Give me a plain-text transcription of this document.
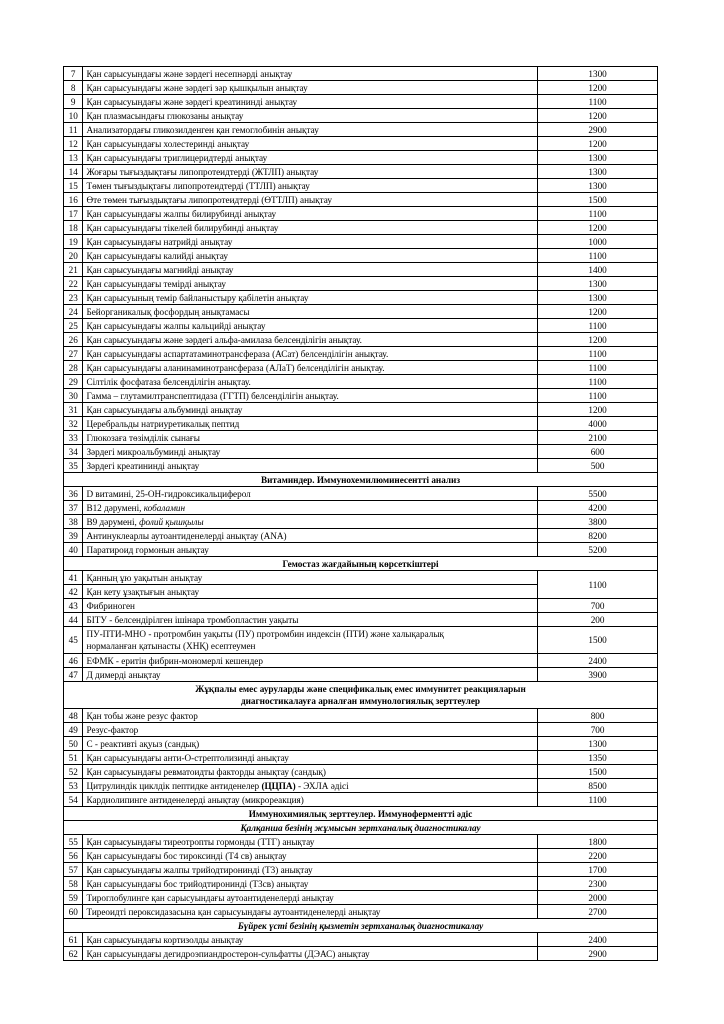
7	Қан сарысуындағы және зәрдегі несепнәрді анықтау	1300
8	Қан сарысуындағы және зәрдегі зәр қышқылын анықтау	1200
9	Қан сарысуындағы және зәрдегі креатининді анықтау	1100
10	Қан плазмасындағы глюкозаны анықтау	1200
11	Анализатордағы гликозилденген қан гемоглобинін анықтау	2900
12	Қан сарысуындағы холестеринді анықтау	1200
13	Қан сарысуындағы триглицеридтерді анықтау	1300
14	Жоғары тығыздықтағы липопротеидтерді (ЖТЛП) анықтау	1300
15	Төмен тығыздықтағы липопротеидтерді (ТТЛП) анықтау	1300
16	Өте төмен тығыздықтағы липопротеидтерді (ӨТТЛП) анықтау	1500
17	Қан сарысуындағы жалпы билирубинді анықтау	1100
18	Қан сарысуындағы тікелей билирубинді анықтау	1200
19	Қан сарысуындағы натрийді анықтау	1000
20	Қан сарысуындағы калийді анықтау	1100
21	Қан сарысуындағы магнийді анықтау	1400
22	Қан сарысуындағы темірді анықтау	1300
23	Қан сарысуының темір байланыстыру қабілетін анықтау	1300
24	Бейорганикалық фосфордың анықтамасы	1200
25	Қан сарысуындағы жалпы кальцийді анықтау	1100
26	Қан сарысуындағы және зәрдегі альфа-амилаза белсенділігін анықтау.	1200
27	Қан сарысуындағы аспартатаминотрансфераза (АСат) белсенділігін анықтау.	1100
28	Қан сарысуындағы аланинаминотрансфераза (АЛаТ) белсенділігін анықтау.	1100
29	Сілтілік фосфатаза белсенділігін анықтау.	1100
30	Гамма – глутамилтранспептидаза (ГГТП) белсенділігін анықтау.	1100
31	Қан сарысуындағы альбуминді анықтау	1200
32	Церебральды натриуретикалық пептид	4000
33	Глюкозаға төзімділік сынағы	2100
34	Зәрдегі микроальбуминді анықтау	600
35	Зәрдегі креатининді анықтау	500
Витаминдер. Иммунохемилюминесентті анализ		
36	D витамині, 25-ОН-гидроксикальциферол	5500
37	B12 дәрумені, кобаламин	4200
38	B9 дәрумені, фолий қышқылы	3800
39	Антинуклеарлы аутоантиденелерді анықтау (ANA)	8200
40	Паратироид гормонын анықтау	5200
Гемостаз жағдайының көрсеткіштері		
41	Қанның ұю уақытын анықтау	1100
42	Қан кету ұзақтығын анықтау	
43	Фибриноген	700
44	БІТУ - белсендірілген ішінара тромбопластин уақыты	200
45	ПУ-ПТИ-МНО - протромбин уақыты (ПУ) протромбин индексін (ПТИ) және халықаралық
нормаланған қатынасты (ХНҚ) есептеумен	1500
46	ЕФМК - еритін фибрин-мономерлі кешендер	2400
47	Д димерді анықтау	3900

Жұқпалы емес ауруларды және спецификалық емес иммунитет реакцияларын
диагностикалауға арналған иммунологиялық зерттеулер		

48	Қан тобы және резус фактор	800
49	Резус-фактор	700
50	С - реактивті ақуыз (сандық)	1300
51	Қан сарысуындағы анти-О-стрептолизинді анықтау	1350
52	Қан сарысуындағы ревматоидты факторды анықтау (сандық)	1500
53	Цитрулиндік циклдік пептидке антиденелер (ЦЦПА) - ЭХЛА әдісі	8500
54	Кардиолипинге антиденелерді анықтау (микрореакция)	1100
Иммунохимиялық зерттеулер. Иммуноферментті әдіс		
Қалқанша безінің жұмысын зертханалық диагностикалау		
55	Қан сарысуындағы тиреотропты гормонды (ТТГ) анықтау	1800
56	Қан сарысуындағы бос тироксинді (Т4 св) анықтау	2200
57	Қан сарысуындағы жалпы трийодтиронинді (Т3) анықтау	1700
58	Қан сарысуындағы бос трийодтиронинді (Т3св) анықтау	2300
59	Тироглобулинге қан сарысуындағы аутоантиденелерді анықтау	2000
60	Тиреоидті пероксидазасына қан сарысуындағы аутоантиденелерді анықтау	2700
Бүйрек үсті безінің қызметін зертханалық диагностикалау		
61	Қан сарысуындағы кортизолды анықтау	2400
62	Қан сарысуындағы дегидроэпиандростерон-сульфатты (ДЭАС) анықтау	2900
